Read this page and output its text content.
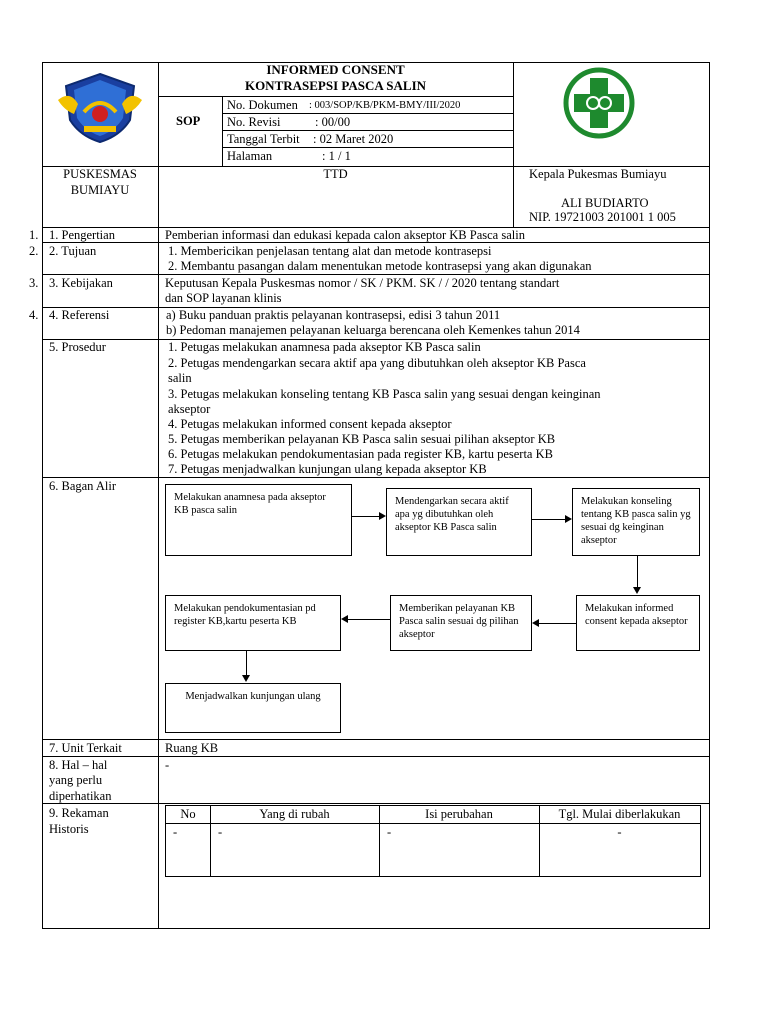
INFORMED CONSENT
KONTRASEPSI PASCA SALIN
SOP
No. Dokumen : 003/SOP/KB/PKM-BMY/III/2020
No. Revisi	: 00/00
Tanggal Terbit : 02 Maret 2020
Halaman	: 1 / 1
PUSKESMAS
BUMIAYU
TTD	Kepala Pukesmas Bumiayu
ALI BUDIARTO
NIP. 19721003 201001 1 005
1. 1. Pengertian	Pemberian informasi dan edukasi kepada calon akseptor KB Pasca salin
2. 2. Tujuan	1. Membericikan penjelasan tentang alat dan metode kontrasepsi
2. Membantu pasangan dalam menentukan metode kontrasepsi yang akan digunakan
3. 3. Kebijakan	Keputusan Kepala Puskesmas nomor / SK / PKM. SK / / 2020 tentang standart
dan SOP layanan klinis
4. 4. Referensi	a) Buku panduan praktis pelayanan kontrasepsi, edisi 3 tahun 2011
b) Pedoman manajemen pelayanan keluarga berencana oleh Kemenkes tahun 2014
5. Prosedur	1. Petugas melakukan anamnesa pada akseptor KB Pasca salin
2. Petugas mendengarkan secara aktif apa yang dibutuhkan oleh akseptor KB Pasca
salin
3. Petugas melakukan konseling tentang KB Pasca salin yang sesuai dengan keinginan
akseptor
4. Petugas melakukan informed consent kepada akseptor
5. Petugas memberikan pelayanan KB Pasca salin sesuai pilihan akseptor KB
6. Petugas melakukan pendokumentasian pada register KB, kartu peserta KB
7. Petugas menjadwalkan kunjungan ulang kepada akseptor KB
6. Bagan Alir
Melakukan anamnesa pada akseptor KB pasca salin
Mendengarkan secara aktif apa yg dibutuhkan oleh akseptor KB Pasca salin
Melakukan konseling tentang KB pasca salin yg sesuai dg keinginan akseptor
Melakukan informed consent kepada akseptor
Memberikan pelayanan KB Pasca salin sesuai dg pilihan akseptor
Melakukan pendokumentasian pd register KB,kartu peserta KB
Menjadwalkan kunjungan ulang
7. Unit Terkait	Ruang KB
8. Hal – hal
yang perlu
diperhatikan
-
9. Rekaman
Historis
No	Yang di rubah	Isi perubahan	Tgl. Mulai diberlakukan
-	-	-	-
